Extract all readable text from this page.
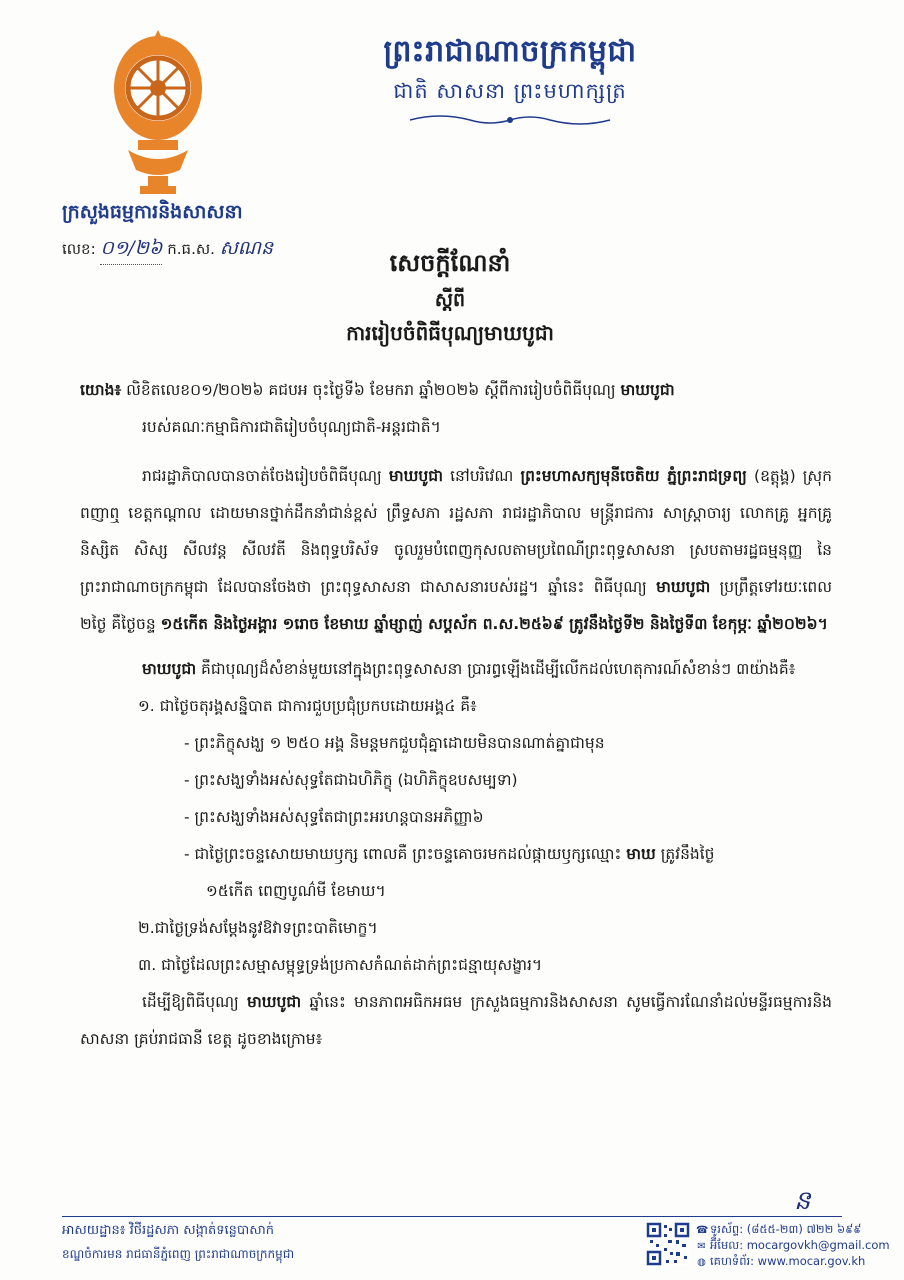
ក្រសួងធម្មការនិងសាសនា
លេខ: ០១/២៦ ក.ធ.ស. សណន
ព្រះរាជាណាចក្រកម្ពុជា
ជាតិ សាសនា ព្រះមហាក្សត្រ
សេចក្តីណែនាំ
ស្តីពី
ការរៀបចំពិធីបុណ្យមាឃបូជា

យោង៖ លិខិតលេខ០១/២០២៦ គជបអ ចុះថ្ងៃទី៦ ខែមករា ឆ្នាំ២០២៦ ស្តីពីការរៀបចំពិធីបុណ្យ មាឃបូជា

របស់គណៈកម្មាធិការជាតិរៀបចំបុណ្យជាតិ-អន្តរជាតិ។

រាជរដ្ឋាភិបាលបានចាត់ចែងរៀបចំពិធីបុណ្យ មាឃបូជា នៅបរិវេណ ព្រះមហាសក្យមុនីចេតិយ ភ្នំព្រះរាជទ្រព្យ (ឧត្តុង្គ) ស្រុកពញាឮ ខេត្តកណ្តាល ដោយមានថ្នាក់ដឹកនាំជាន់ខ្ពស់ ព្រឹទ្ធសភា រដ្ឋសភា រាជរដ្ឋាភិបាល មន្ត្រីរាជការ សាស្ត្រាចារ្យ លោកគ្រូ អ្នកគ្រូ និស្សិត សិស្ស សីលវន្ត សីលវតី និងពុទ្ធបរិស័ទ ចូលរួមបំពេញកុសលតាមប្រពៃណីព្រះពុទ្ធសាសនា ស្របតាមរដ្ឋធម្មនុញ្ញ នៃព្រះរាជាណាចក្រកម្ពុជា ដែលបានចែងថា ព្រះពុទ្ធសាសនា ជាសាសនារបស់រដ្ឋ។ ឆ្នាំនេះ ពិធីបុណ្យ មាឃបូជា ប្រព្រឹត្តទៅរយៈពេល ២ថ្ងៃ គឺថ្ងៃចន្ទ ១៥កើត និងថ្ងៃអង្គារ ១រោច ខែមាឃ ឆ្នាំម្សាញ់ សប្តស័ក ព.ស.២៥៦៩ ត្រូវនឹងថ្ងៃទី២ និងថ្ងៃទី៣ ខែកុម្ភៈ ឆ្នាំ២០២៦។

មាឃបូជា គឺជាបុណ្យដ៏សំខាន់មួយនៅក្នុងព្រះពុទ្ធសាសនា ប្រារព្ធឡើងដើម្បីលើកដល់ហេតុការណ៍សំខាន់ៗ ៣យ៉ាងគឺ៖

១. ជាថ្ងៃចតុរង្គសន្និបាត ជាការជួបប្រជុំប្រកបដោយអង្គ៤ គឺ៖

- ព្រះភិក្ខុសង្ឃ ១ ២៥០ អង្គ និមន្តមកជួបជុំគ្នាដោយមិនបានណាត់គ្នាជាមុន

- ព្រះសង្ឃទាំងអស់សុទ្ធតែជាឯហិភិក្ខុ (ឯហិភិក្ខុឧបសម្បទា)

- ព្រះសង្ឃទាំងអស់សុទ្ធតែជាព្រះអរហន្តបានអភិញ្ញា៦

- ជាថ្ងៃព្រះចន្ទសោយមាឃឫក្ស ពោលគឺ ព្រះចន្ទគោចរមកដល់ផ្កាយឫក្សឈ្មោះ មាឃ ត្រូវនឹងថ្ងៃ

១៥កើត ពេញបូណ៌មី ខែមាឃ។

២.ជាថ្ងៃទ្រង់សម្តែងនូវឱវាទព្រះបាតិមោក្ខ។

៣. ជាថ្ងៃដែលព្រះសម្មាសម្ពុទ្ធទ្រង់ប្រកាសកំណត់ដាក់ព្រះជន្មាយុសង្ខារ។

ដើម្បីឱ្យពិធីបុណ្យ មាឃបូជា ឆ្នាំនេះ មានភាពអធិកអធម ក្រសួងធម្មការនិងសាសនា សូមធ្វើការណែនាំដល់មន្ទីរធម្មការនិងសាសនា គ្រប់រាជធានី ខេត្ត ដូចខាងក្រោម៖

ន
អាសយដ្ឋាន៖ វិថីរដ្ឋសភា សង្កាត់ទន្លេបាសាក់
ខណ្ឌចំការមន រាជធានីភ្នំពេញ ព្រះរាជាណាចក្រកម្ពុជា
☎ ទូរស័ព្ទ: (៨៥៥-២៣) ៧២២ ៦៩៩
✉ អ៊ីមែល: mocargovkh@gmail.com
◍ គេហទំព័រ: www.mocar.gov.kh
